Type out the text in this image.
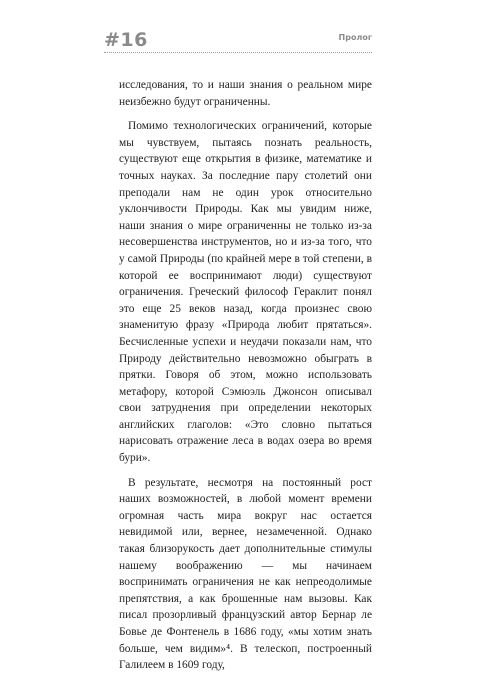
#16	Пролог

исследования, то и наши знания о реальном мире неизбежно будут ограниченны.

Помимо технологических ограничений, которые мы чувствуем, пытаясь познать реальность, существуют еще открытия в физике, математике и точных науках. За последние пару столетий они преподали нам не один урок относительно уклончивости Природы. Как мы увидим ниже, наши знания о мире ограниченны не только из-за несовершенства инструментов, но и из-за того, что у самой Природы (по крайней мере в той степени, в которой ее воспринимают люди) существуют ограничения. Греческий философ Гераклит понял это еще 25 веков назад, когда произнес свою знаменитую фразу «Природа любит прятаться». Бесчисленные успехи и неудачи показали нам, что Природу действительно невозможно обыграть в прятки. Говоря об этом, можно использовать метафору, которой Сэмюэль Джонсон описывал свои затруднения при определении некоторых английских глаголов: «Это словно пытаться нарисовать отражение леса в водах озера во время бури».

В результате, несмотря на постоянный рост наших возможностей, в любой момент времени огромная часть мира вокруг нас остается невидимой или, вернее, незамеченной. Однако такая близорукость дает дополнительные стимулы нашему воображению — мы начинаем воспринимать ограничения не как непреодолимые препятствия, а как брошенные нам вызовы. Как писал прозорливый французский автор Бернар ле Бовье де Фонтенель в 1686 году, «мы хотим знать больше, чем видим»⁴. В телескоп, построенный Галилеем в 1609 году,
